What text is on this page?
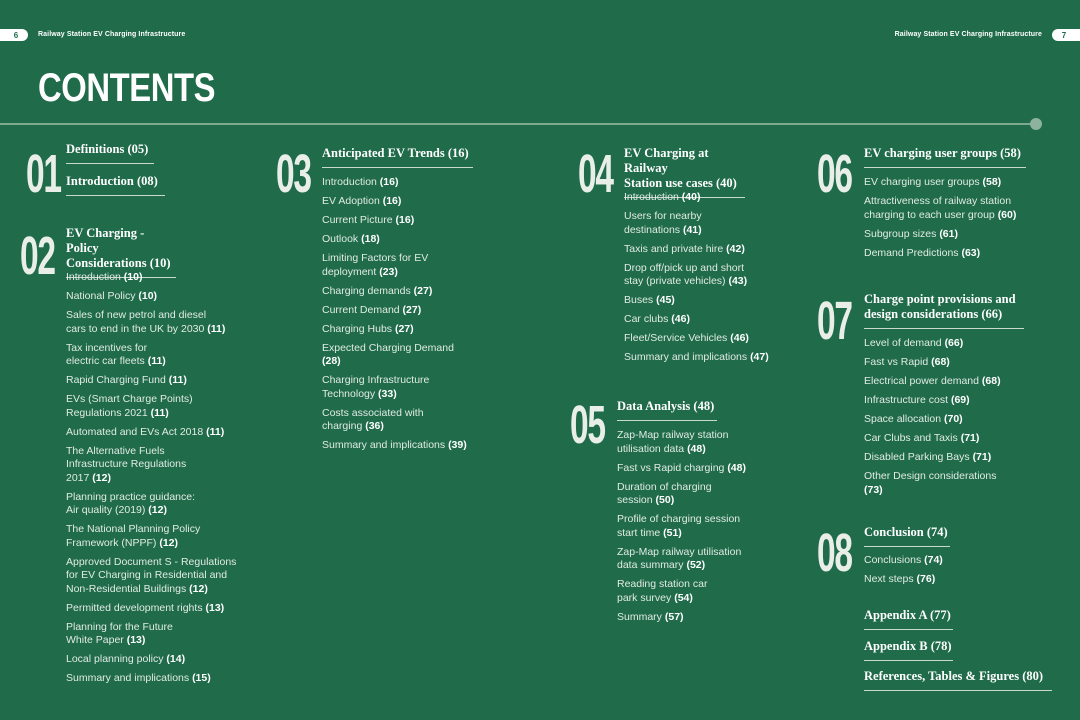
6	Railway Station EV Charging Infrastructure	Railway Station EV Charging Infrastructure	7
CONTENTS
01 Definitions (05)
Introduction (08)
02 EV Charging - Policy
Considerations (10)
Introduction (10)
National Policy (10)
Sales of new petrol and diesel
cars to end in the UK by 2030 (11)
Tax incentives for
electric car fleets (11)
Rapid Charging Fund (11)
EVs (Smart Charge Points)
Regulations 2021 (11)
Automated and EVs Act 2018 (11)
The Alternative Fuels
Infrastructure Regulations
2017 (12)
Planning practice guidance:
Air quality (2019) (12)
The National Planning Policy
Framework (NPPF) (12)
Approved Document S - Regulations
for EV Charging in Residential and
Non-Residential Buildings (12)
Permitted development rights (13)
Planning for the Future
White Paper (13)
Local planning policy (14)
Summary and implications (15)
03 Anticipated EV Trends (16)
Introduction (16)
EV Adoption (16)
Current Picture (16)
Outlook (18)
Limiting Factors for EV
deployment (23)
Charging demands (27)
Current Demand (27)
Charging Hubs (27)
Expected Charging Demand
(28)
Charging Infrastructure
Technology (33)
Costs associated with
charging (36)
Summary and implications (39)
04 EV Charging at Railway
Station use cases (40)
Introduction (40)
Users for nearby
destinations (41)
Taxis and private hire (42)
Drop off/pick up and short
stay (private vehicles) (43)
Buses (45)
Car clubs (46)
Fleet/Service Vehicles (46)
Summary and implications (47)
05 Data Analysis (48)
Zap-Map railway station
utilisation data (48)
Fast vs Rapid charging (48)
Duration of charging
session (50)
Profile of charging session
start time (51)
Zap-Map railway utilisation
data summary (52)
Reading station car
park survey (54)
Summary (57)
06 EV charging user groups (58)
EV charging user groups (58)
Attractiveness of railway station
charging to each user group (60)
Subgroup sizes (61)
Demand Predictions (63)
07 Charge point provisions and
design considerations (66)
Level of demand (66)
Fast vs Rapid (68)
Electrical power demand (68)
Infrastructure cost (69)
Space allocation (70)
Car Clubs and Taxis (71)
Disabled Parking Bays (71)
Other Design considerations
(73)
08 Conclusion (74)
Conclusions (74)
Next steps (76)
Appendix A (77)
Appendix B (78)
References, Tables & Figures (80)
